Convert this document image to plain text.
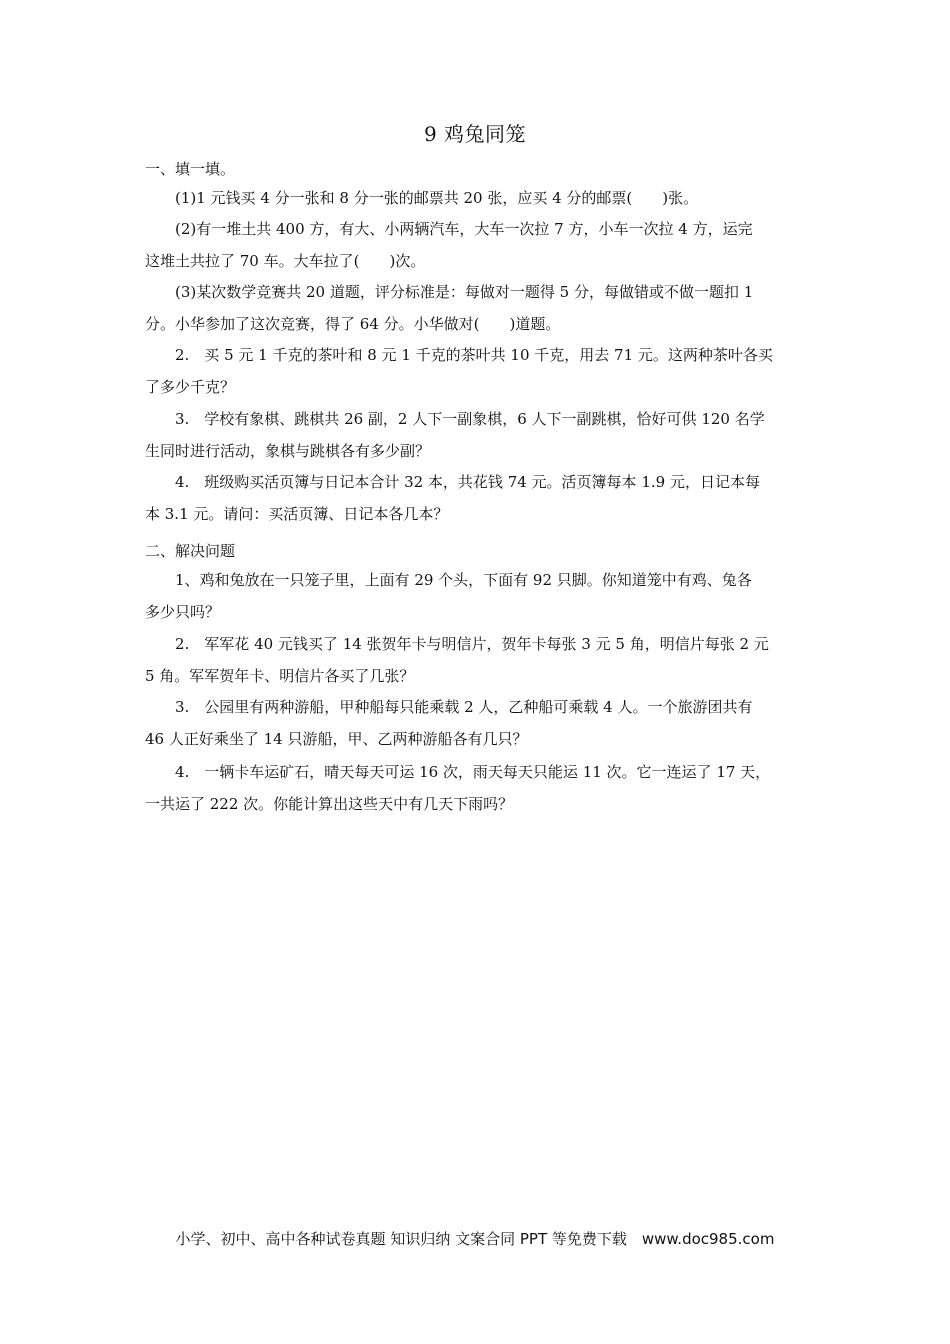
9 鸡兔同笼
一、填一填。
(1)1 元钱买 4 分一张和 8 分一张的邮票共 20 张，应买 4 分的邮票(　　)张。
(2)有一堆土共 400 方，有大、小两辆汽车，大车一次拉 7 方，小车一次拉 4 方，运完
这堆土共拉了 70 车。大车拉了(　　)次。
(3)某次数学竞赛共 20 道题，评分标准是：每做对一题得 5 分，每做错或不做一题扣 1
分。小华参加了这次竞赛，得了 64 分。小华做对(　　)道题。
2.　买 5 元 1 千克的茶叶和 8 元 1 千克的茶叶共 10 千克，用去 71 元。这两种茶叶各买
了多少千克？
3.　学校有象棋、跳棋共 26 副，2 人下一副象棋，6 人下一副跳棋，恰好可供 120 名学
生同时进行活动，象棋与跳棋各有多少副？
4.　班级购买活页簿与日记本合计 32 本，共花钱 74 元。活页簿每本 1.9 元，日记本每
本 3.1 元。请问：买活页簿、日记本各几本？
二、解决问题
1、鸡和兔放在一只笼子里，上面有 29 个头，下面有 92 只脚。你知道笼中有鸡、兔各
多少只吗？
2.　军军花 40 元钱买了 14 张贺年卡与明信片，贺年卡每张 3 元 5 角，明信片每张 2 元
5 角。军军贺年卡、明信片各买了几张？
3.　公园里有两种游船，甲种船每只能乘载 2 人，乙种船可乘载 4 人。一个旅游团共有
46 人正好乘坐了 14 只游船，甲、乙两种游船各有几只？
4.　一辆卡车运矿石，晴天每天可运 16 次，雨天每天只能运 11 次。它一连运了 17 天，
一共运了 222 次。你能计算出这些天中有几天下雨吗？
小学、初中、高中各种试卷真题 知识归纳 文案合同 PPT 等免费下载　www.doc985.com
